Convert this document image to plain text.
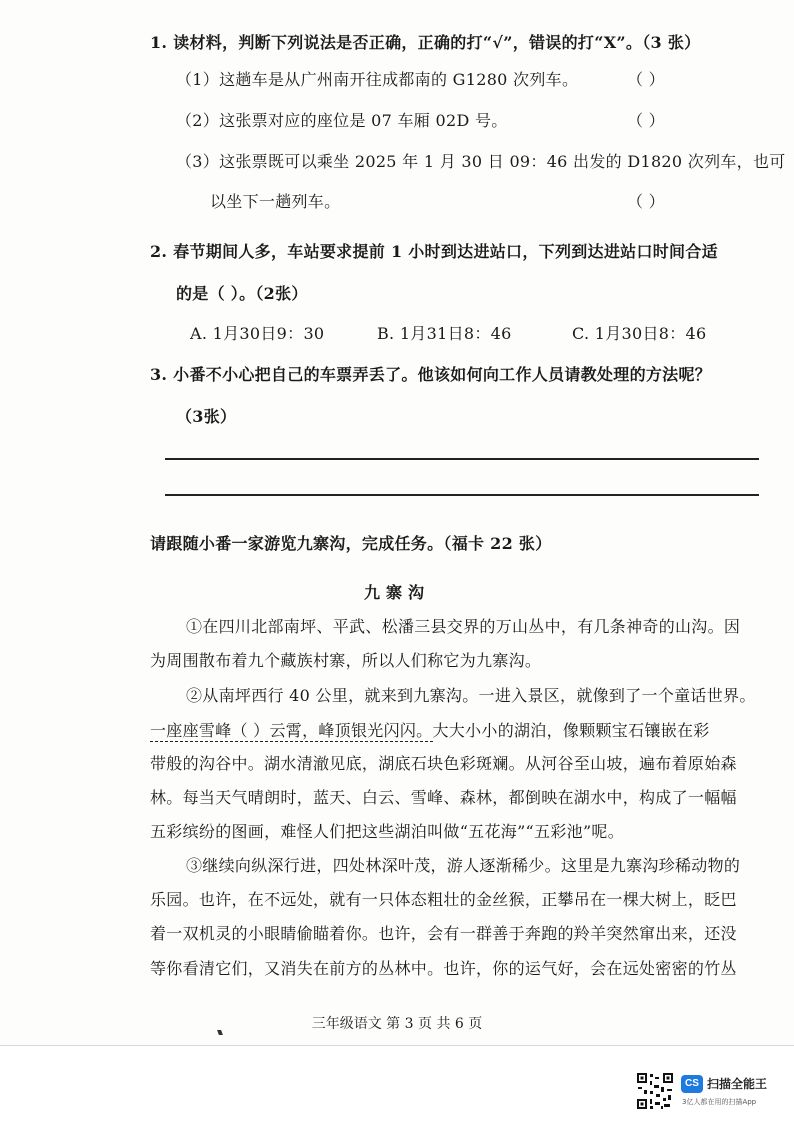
1. 读材料，判断下列说法是否正确，正确的打“√”，错误的打“X”。（3 张）
（1）这趟车是从广州南开往成都南的 G1280 次列车。	（ ）
（2）这张票对应的座位是 07 车厢 02D 号。	（ ）
（3）这张票既可以乘坐 2025 年 1 月 30 日 09：46 出发的 D1820 次列车，也可
以坐下一趟列车。	（ ）
2. 春节期间人多，车站要求提前 1 小时到达进站口，下列到达进站口时间合适
的是（ ）。（2张）
A. 1月30日9：30	B. 1月31日8：46	C. 1月30日8：46
3. 小番不小心把自己的车票弄丢了。他该如何向工作人员请教处理的方法呢？
（3张）
请跟随小番一家游览九寨沟，完成任务。（福卡 22 张）
九寨沟
①在四川北部南坪、平武、松潘三县交界的万山丛中，有几条神奇的山沟。因
为周围散布着九个藏族村寨，所以人们称它为九寨沟。
②从南坪西行 40 公里，就来到九寨沟。一进入景区，就像到了一个童话世界。
一座座雪峰（ ）云霄，峰顶银光闪闪。大大小小的湖泊，像颗颗宝石镶嵌在彩
带般的沟谷中。湖水清澈见底，湖底石块色彩斑斓。从河谷至山坡，遍布着原始森
林。每当天气晴朗时，蓝天、白云、雪峰、森林，都倒映在湖水中，构成了一幅幅
五彩缤纷的图画，难怪人们把这些湖泊叫做“五花海”“五彩池”呢。
③继续向纵深行进，四处林深叶茂，游人逐渐稀少。这里是九寨沟珍稀动物的
乐园。也许，在不远处，就有一只体态粗壮的金丝猴，正攀吊在一棵大树上，眨巴
着一双机灵的小眼睛偷瞄着你。也许，会有一群善于奔跑的羚羊突然窜出来，还没
等你看清它们，又消失在前方的丛林中。也许，你的运气好，会在远处密密的竹丛
三年级语文 第 3 页 共 6 页
CS 扫描全能王
3亿人都在用的扫描App
